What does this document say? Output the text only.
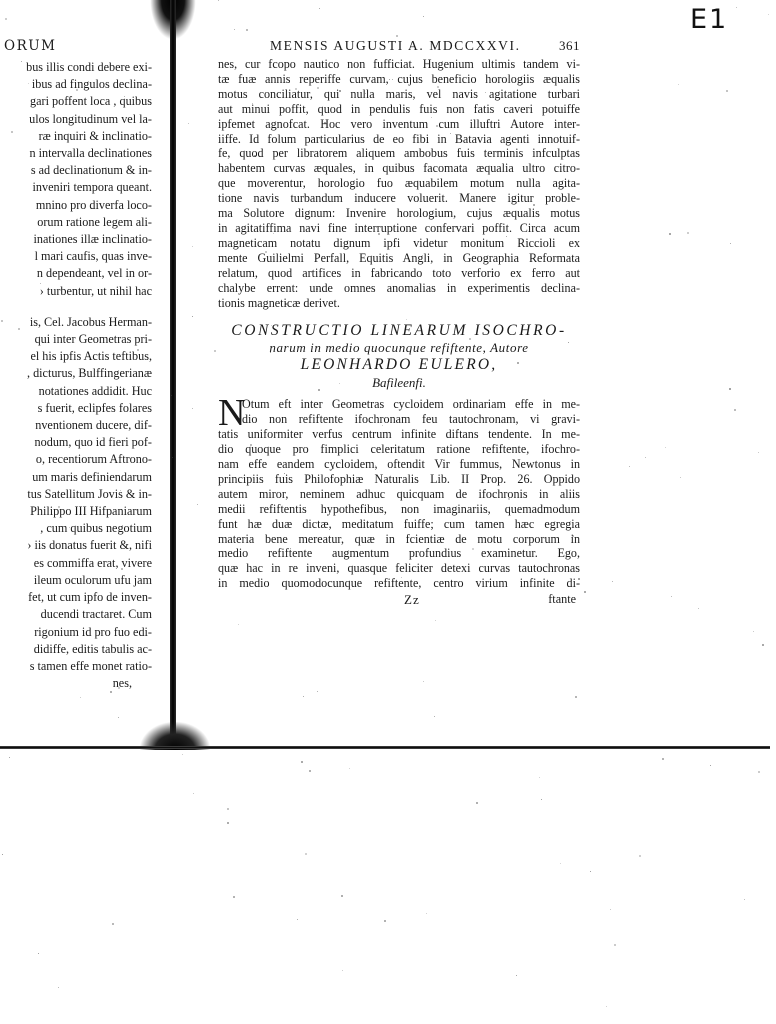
E1
ORUM
bus illis condi debere exi-
ibus ad fingulos declina-
gari poffent loca , quibus
ulos longitudinum vel la-
ræ inquiri & inclinatio-
n intervalla declinationes
s ad declinationum & in-
inveniri tempora queant.
mnino pro diverfa loco-
orum ratione legem ali-
inationes illæ inclinatio-
l mari caufis, quas inve-
n dependeant, vel in or-
› turbentur, ut nihil hac
is, Cel. Jacobus Herman-
qui inter Geometras pri-
el his ipfis Actis teftibus,
, dicturus, Bulffingerianæ
notationes addidit. Huc
s fuerit, eclipfes folares
nventionem ducere, dif-
nodum, quo id fieri pof-
o, recentiorum Aftrono-
um maris definiendarum
tus Satellitum Jovis & in-
Philippo III Hifpaniarum
, cum quibus negotium
› iis donatus fuerit &, nifi
es commiffa erat, vivere
ileum oculorum ufu jam
fet, ut cum ipfo de inven-
ducendi tractaret. Cum
rigonium id pro fuo edi-
didiffe, editis tabulis ac-
s tamen effe monet ratio-
nes,
MENSIS AUGUSTI A. MDCCXXVI.	361
nes, cur fcopo nautico non fufficiat. Hugenium ultimis tandem vi-
tæ fuæ annis reperiffe curvam, cujus beneficio horologiis æqualis
motus conciliatur, qui nulla maris, vel navis agitatione turbari
aut minui poffit, quod in pendulis fuis non fatis caveri potuiffe
ipfemet agnofcat. Hoc vero inventum cum illuftri Autore inter-
iiffe. Id folum particularius de eo fibi in Batavia agenti innotuif-
fe, quod per libratorem aliquem ambobus fuis terminis infculptas
habentem curvas æquales, in quibus facomata æqualia ultro citro-
que moverentur, horologio fuo æquabilem motum nulla agita-
tione navis turbandum inducere voluerit. Manere igitur proble-
ma Solutore dignum: Invenire horologium, cujus æqualis motus
in agitatiffima navi fine interruptione confervari poffit. Circa acum
magneticam notatu dignum ipfi videtur monitum Riccioli ex
mente Guilielmi Perfall, Equitis Angli, in Geographia Reformata
relatum, quod artifices in fabricando toto verforio ex ferro aut
chalybe errent: unde omnes anomalias in experimentis declina-
tionis magneticæ derivet.
CONSTRUCTIO LINEARUM ISOCHRO-
narum in medio quocunque refiftente, Autore
LEONHARDO EULERO,
Bafileenfi.
N
Otum eft inter Geometras cycloidem ordinariam effe in me-
dio non refiftente ifochronam feu tautochronam, vi gravi-
tatis uniformiter verfus centrum infinite diftans tendente. In me-
dio quoque pro fimplici celeritatum ratione refiftente, ifochro-
nam effe eandem cycloidem, oftendit Vir fummus, Newtonus in
principiis fuis Philofophiæ Naturalis Lib. II Prop. 26. Oppido
autem miror, neminem adhuc quicquam de ifochronis in aliis
medii refiftentis hypothefibus, non imaginariis, quemadmodum
funt hæ duæ dictæ, meditatum fuiffe; cum tamen hæc egregia
materia bene mereatur, quæ in fcientiæ de motu corporum in
medio refiftente augmentum profundius examinetur. Ego,
quæ hac in re inveni, quasque feliciter detexi curvas tautochronas
in medio quomodocunque refiftente, centro virium infinite di-
Zz	ftante
